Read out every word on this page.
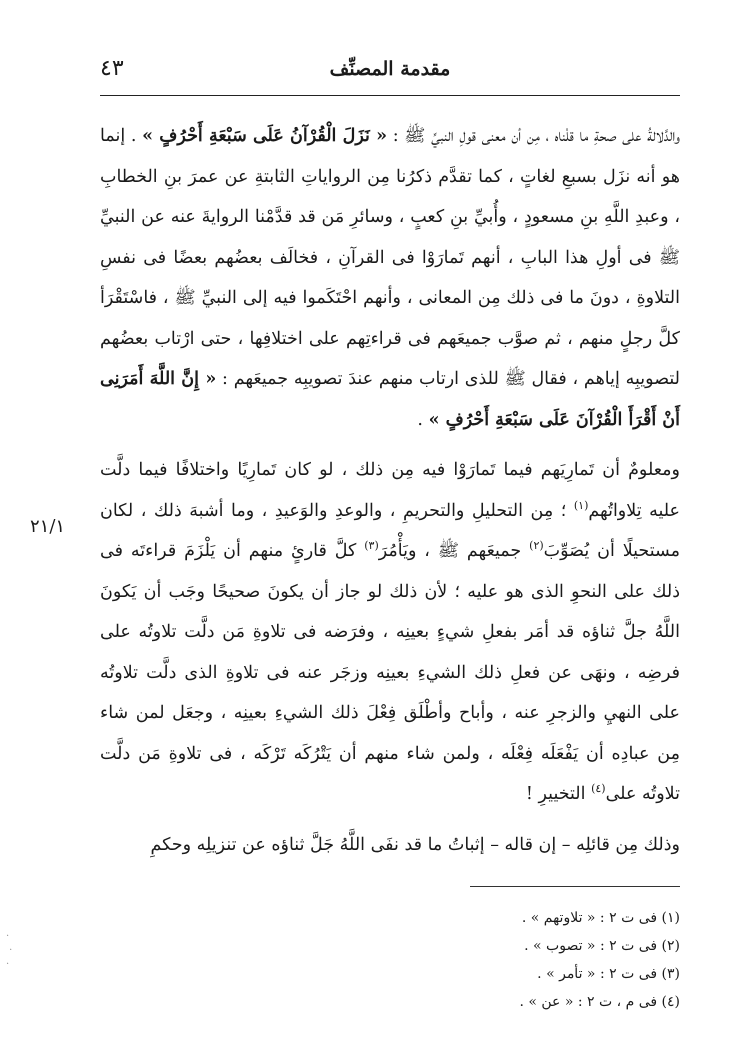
مقدمة المصنِّف
٤٣
٢١/١

والدَّلالةُ على صحةِ ما قلْناه ، مِن أن معنى قولِ النبيِّ ﷺ : « نَزَلَ الْقُرْآنُ عَلَى سَبْعَةِ أَحْرُفٍ » . إنما هو أنه نزَل بسبعِ لغاتٍ ، كما تقدَّم ذكرُنا مِن الرواياتِ الثابتةِ عن عمرَ بنِ الخطابِ ، وعبدِ اللَّهِ بنِ مسعودٍ ، وأُبيِّ بنِ كعبٍ ، وسائرِ مَن قد قدَّمْنا الروايةَ عنه عن النبيِّ ﷺ فى أولِ هذا البابِ ، أنهم تَمارَوْا فى القرآنِ ، فخالَف بعضُهم بعضًا فى نفسِ التلاوةِ ، دونَ ما فى ذلك مِن المعانى ، وأنهم احْتَكَموا فيه إلى النبيِّ ﷺ ، فاسْتَقْرَأ كلَّ رجلٍ منهم ، ثم صوَّب جميعَهم فى قراءتِهم على اختلافِها ، حتى ارْتاب بعضُهم لتصويبِه إياهم ، فقال ﷺ للذى ارتاب منهم عندَ تصويبِه جميعَهم : « إِنَّ اللَّهَ أَمَرَنِى أَنْ أَقْرَأَ الْقُرْآنَ عَلَى سَبْعَةِ أَحْرُفٍ » .

ومعلومٌ أن تَمارِيَهم فيما تَمارَوْا فيه مِن ذلك ، لو كان تَمارِيًا واختلافًا فيما دلَّت عليه تِلاواتُهم$^{(١)}$ ؛ مِن التحليلِ والتحريمِ ، والوعدِ والوَعيدِ ، وما أشبهَ ذلك ، لكان مستحيلًا أن يُصَوِّبَ$^{(٢)}$ جميعَهم ﷺ ، ويَأْمُرَ$^{(٣)}$ كلَّ قارئٍ منهم أن يَلْزَمَ قراءتَه فى ذلك على النحوِ الذى هو عليه ؛ لأن ذلك لو جاز أن يكونَ صحيحًا وجَب أن يَكونَ اللَّهُ جلَّ ثناؤه قد أمَر بفعلِ شيءٍ بعينِه ، وفرَضه فى تلاوةِ مَن دلَّت تلاوتُه على فرضِه ، ونهَى عن فعلِ ذلك الشيءِ بعينِه وزجَر عنه فى تلاوةِ الذى دلَّت تلاوتُه على النهيِ والزجرِ عنه ، وأباح وأطْلَق فِعْلَ ذلك الشيءِ بعينِه ، وجعَل لمن شاء مِن عبادِه أن يَفْعَلَه فِعْلَه ، ولمن شاء منهم أن يَتْرُكَه تَرْكَه ، فى تلاوةِ مَن دلَّت تلاوتُه على$^{(٤)}$ التخييرِ !

وذلك مِن قائلِه – إن قاله – إثباتُ ما قد نفَى اللَّهُ جَلَّ ثناؤه عن تنزيلِه وحكمِ

(١) فى ت ٢ : « تلاوتهم » .
(٢) فى ت ٢ : « تصوب » .
(٣) فى ت ٢ : « تأمر » .
(٤) فى م ، ت ٢ : « عن » .
·
·
·
